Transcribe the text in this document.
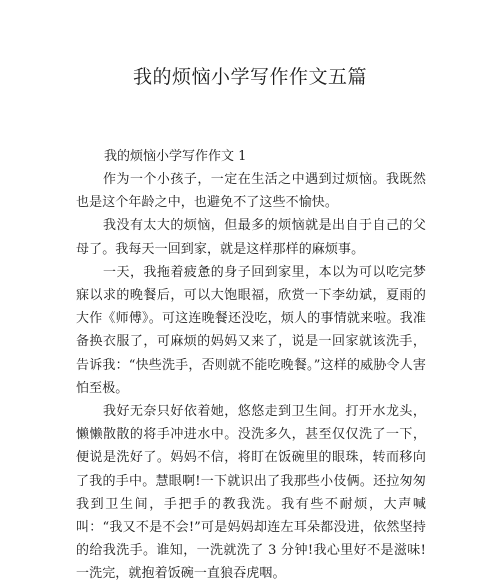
我的烦恼小学写作作文五篇
我的烦恼小学写作作文 1

作为一个小孩子，一定在生活之中遇到过烦恼。我既然也是这个年龄之中，也避免不了这些不愉快。

我没有太大的烦恼，但最多的烦恼就是出自于自己的父母了。我每天一回到家，就是这样那样的麻烦事。

一天，我拖着疲惫的身子回到家里，本以为可以吃完梦寐以求的晚餐后，可以大饱眼福，欣赏一下李幼斌，夏雨的大作《师傅》。可这连晚餐还没吃，烦人的事情就来啦。我准备换衣服了，可麻烦的妈妈又来了，说是一回家就该洗手，告诉我：“快些洗手，否则就不能吃晚餐。”这样的威胁令人害怕至极。

我好无奈只好依着她，悠悠走到卫生间。打开水龙头，懒懒散散的将手冲进水中。没洗多久，甚至仅仅洗了一下，便说是洗好了。妈妈不信，将盯在饭碗里的眼珠，转而移向了我的手中。慧眼啊!一下就识出了我那些小伎俩。还拉匆匆我到卫生间，手把手的教我洗。我有些不耐烦，大声喊叫：“我又不是不会!”可是妈妈却连左耳朵都没进，依然坚持的给我洗手。谁知，一洗就洗了 3 分钟!我心里好不是滋味!一洗完，就抱着饭碗一直狼吞虎咽。
